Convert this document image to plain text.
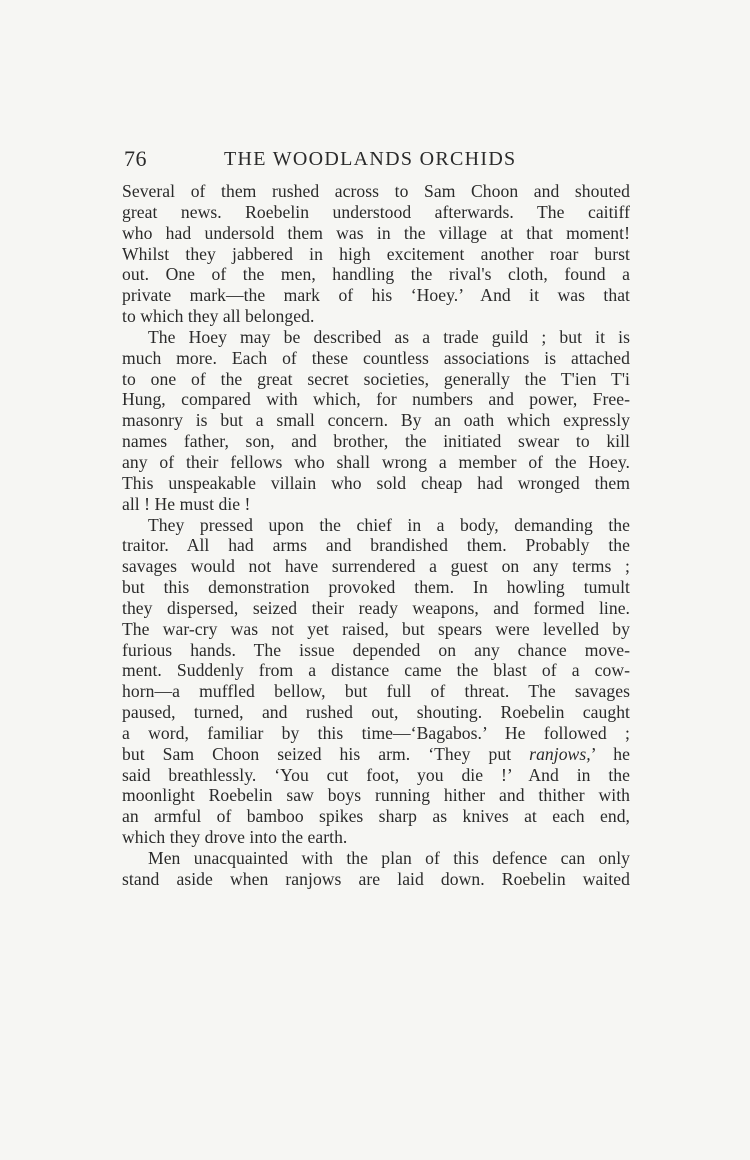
76	THE WOODLANDS ORCHIDS
Several of them rushed across to Sam Choon and shouted
great news. Roebelin understood afterwards. The caitiff
who had undersold them was in the village at that moment!
Whilst they jabbered in high excitement another roar burst
out. One of the men, handling the rival's cloth, found a
private mark—the mark of his ‘Hoey.’ And it was that
to which they all belonged.
The Hoey may be described as a trade guild ; but it is
much more. Each of these countless associations is attached
to one of the great secret societies, generally the T'ien T'i
Hung, compared with which, for numbers and power, Free-
masonry is but a small concern. By an oath which expressly
names father, son, and brother, the initiated swear to kill
any of their fellows who shall wrong a member of the Hoey.
This unspeakable villain who sold cheap had wronged them
all ! He must die !
They pressed upon the chief in a body, demanding the
traitor. All had arms and brandished them. Probably the
savages would not have surrendered a guest on any terms ;
but this demonstration provoked them. In howling tumult
they dispersed, seized their ready weapons, and formed line.
The war-cry was not yet raised, but spears were levelled by
furious hands. The issue depended on any chance move-
ment. Suddenly from a distance came the blast of a cow-
horn—a muffled bellow, but full of threat. The savages
paused, turned, and rushed out, shouting. Roebelin caught
a word, familiar by this time—‘Bagabos.’ He followed ;
but Sam Choon seized his arm. ‘They put ranjows,’ he
said breathlessly. ‘You cut foot, you die !’ And in the
moonlight Roebelin saw boys running hither and thither with
an armful of bamboo spikes sharp as knives at each end,
which they drove into the earth.
Men unacquainted with the plan of this defence can only
stand aside when ranjows are laid down. Roebelin waited
